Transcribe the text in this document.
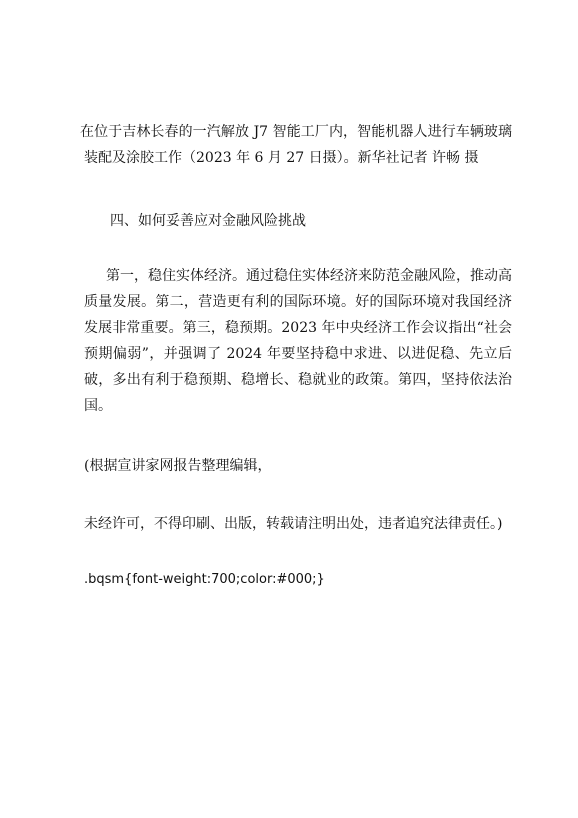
在位于吉林长春的一汽解放 J7 智能工厂内，智能机器人进行车辆玻璃装配及涂胶工作（2023 年 6 月 27 日摄）。新华社记者 许畅 摄

四、如何妥善应对金融风险挑战

第一，稳住实体经济。通过稳住实体经济来防范金融风险，推动高质量发展。第二，营造更有利的国际环境。好的国际环境对我国经济发展非常重要。第三，稳预期。2023 年中央经济工作会议指出“社会预期偏弱”，并强调了 2024 年要坚持稳中求进、以进促稳、先立后破，多出有利于稳预期、稳增长、稳就业的政策。第四，坚持依法治国。

(根据宣讲家网报告整理编辑，

未经许可，不得印刷、出版，转载请注明出处，违者追究法律责任。)

.bqsm{font-weight:700;color:#000;}
